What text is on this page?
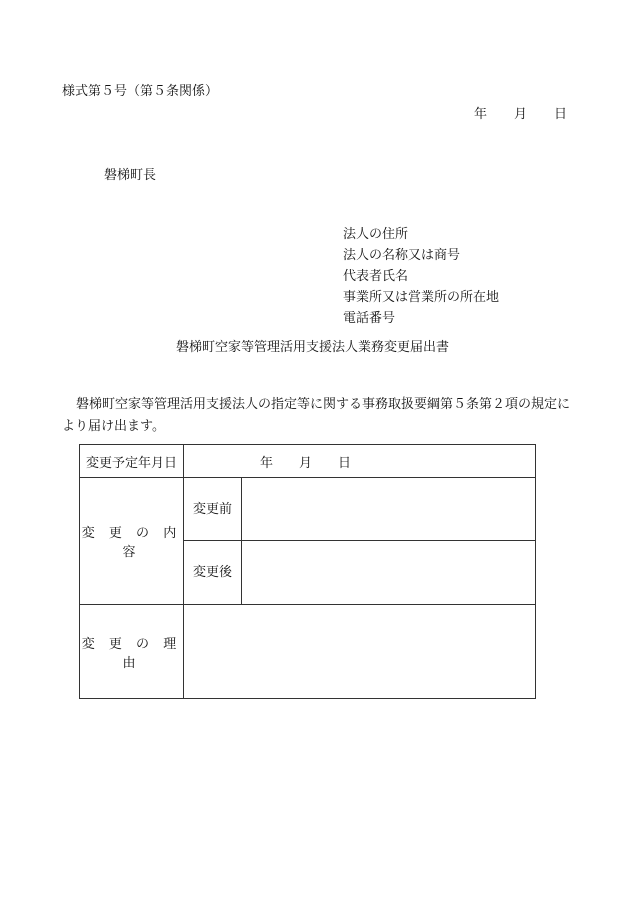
様式第５号（第５条関係）
年 月 日
磐梯町長
法人の住所
法人の名称又は商号
代表者氏名
事業所又は営業所の所在地
電話番号
磐梯町空家等管理活用支援法人業務変更届出書
磐梯町空家等管理活用支援法人の指定等に関する事務取扱要綱第５条第２項の規定により届け出ます。
変更予定年月日	年 月 日	
変 更 の 内 容	変更前	
	変更後	
変 更 の 理 由		
